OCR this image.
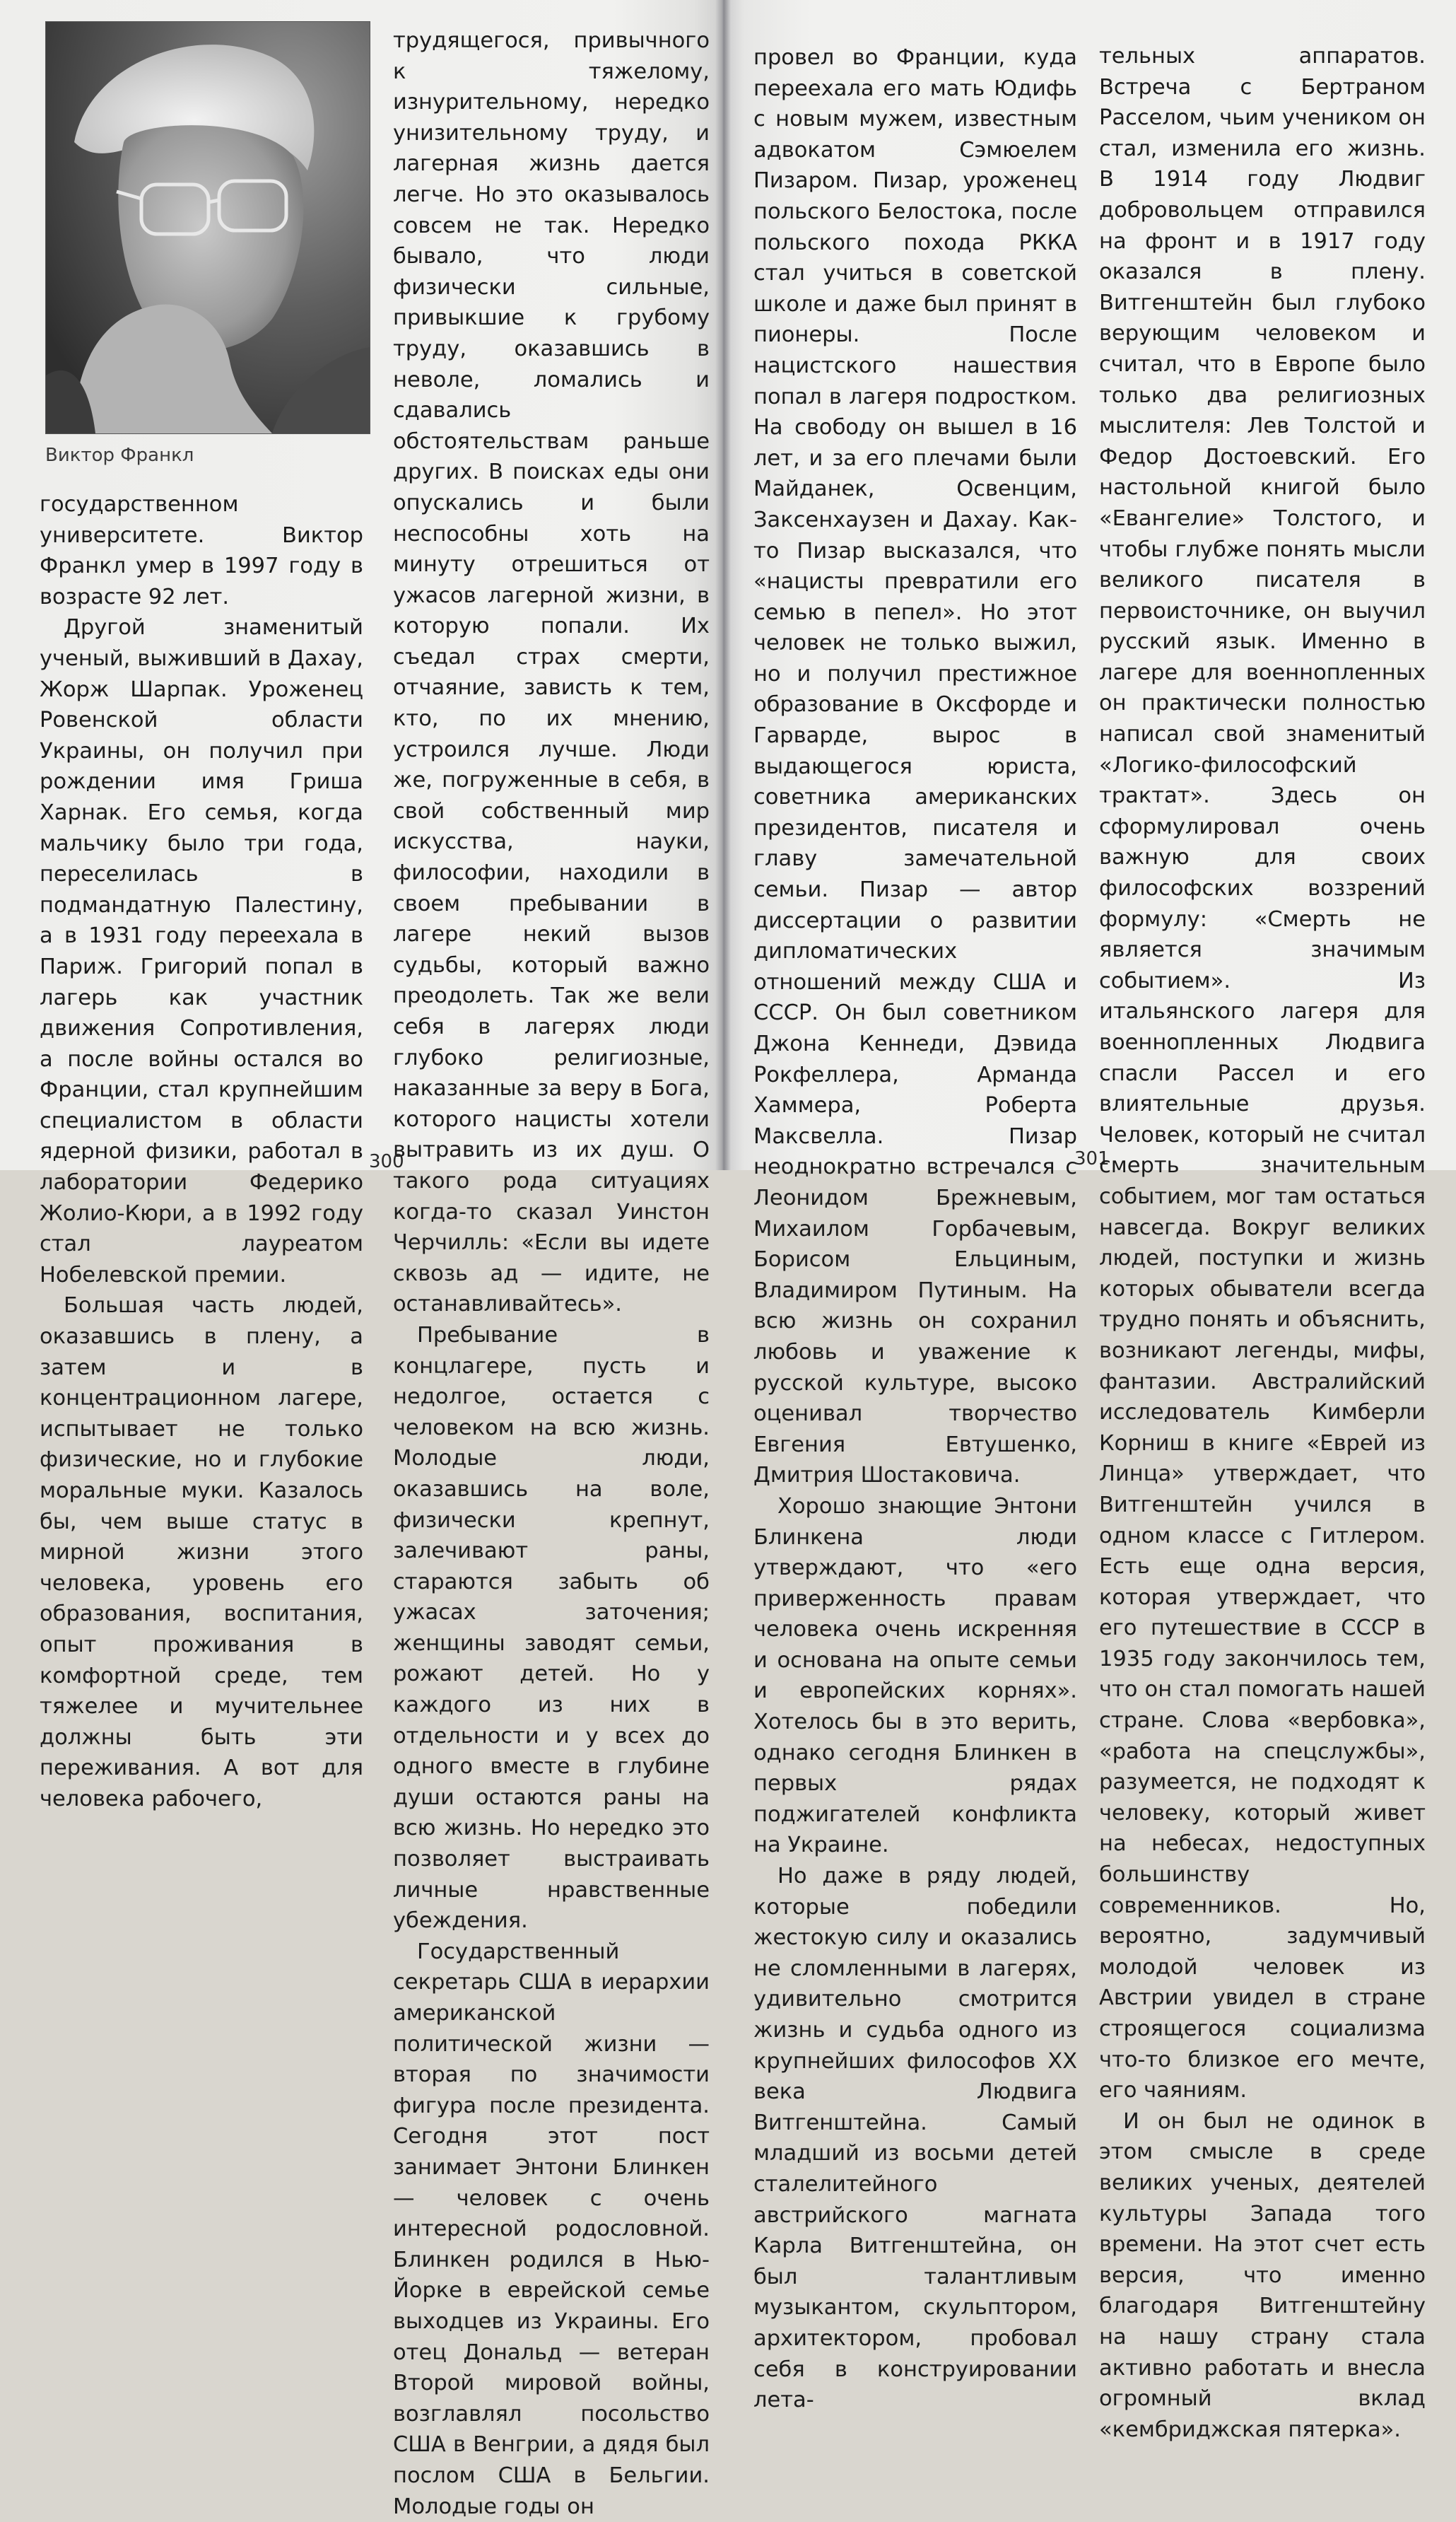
Виктор Франкл

государственном университете. Виктор Франкл умер в 1997 году в возрасте 92 лет.

Другой знаменитый ученый, выживший в Дахау, Жорж Шарпак. Уроженец Ровенской области Украины, он получил при рождении имя Гриша Харнак. Его семья, когда мальчику было три года, переселилась в подмандатную Палестину, а в 1931 году переехала в Париж. Григорий попал в лагерь как участник движения Сопротивления, а после войны остался во Франции, стал крупнейшим специалистом в области ядерной физики, работал в лаборатории Федерико Жолио-Кюри, а в 1992 году стал лауреатом Нобелевской премии.

Большая часть людей, оказавшись в плену, а затем и в концентрационном лагере, испытывает не только физические, но и глубокие моральные муки. Казалось бы, чем выше статус в мирной жизни этого человека, уровень его образования, воспитания, опыт проживания в комфортной среде, тем тяжелее и мучительнее должны быть эти переживания. А вот для человека рабочего,

трудящегося, привычного к тяжелому, изнурительному, нередко унизительному труду, и лагерная жизнь дается легче. Но это оказывалось совсем не так. Нередко бывало, что люди физически сильные, привыкшие к грубому труду, оказавшись в неволе, ломались и сдавались обстоятельствам раньше других. В поисках еды они опускались и были неспособны хоть на минуту отрешиться от ужасов лагерной жизни, в которую попали. Их съедал страх смерти, отчаяние, зависть к тем, кто, по их мнению, устроился лучше. Люди же, погруженные в себя, в свой собственный мир искусства, науки, философии, находили в своем пребывании в лагере некий вызов судьбы, который важно преодолеть. Так же вели себя в лагерях люди глубоко религиозные, наказанные за веру в Бога, которого нацисты хотели вытравить из их душ. О такого рода ситуациях когда-то сказал Уинстон Черчилль: «Если вы идете сквозь ад — идите, не останавливайтесь».

Пребывание в концлагере, пусть и недолгое, остается с человеком на всю жизнь. Молодые люди, оказавшись на воле, физически крепнут, залечивают раны, стараются забыть об ужасах заточения; женщины заводят семьи, рожают детей. Но у каждого из них в отдельности и у всех до одного вместе в глубине души остаются раны на всю жизнь. Но нередко это позволяет выстраивать личные нравственные убеждения.

Государственный секретарь США в иерархии американской политической жизни — вторая по значимости фигура после президента. Сегодня этот пост занимает Энтони Блинкен — человек с очень интересной родословной. Блинкен родился в Нью-Йорке в еврейской семье выходцев из Украины. Его отец Дональд — ветеран Второй мировой войны, возглавлял посольство США в Венгрии, а дядя был послом США в Бельгии. Молодые годы он

300	301

провел во Франции, куда переехала его мать Юдифь с новым мужем, известным адвокатом Сэмюелем Пизаром. Пизар, уроженец польского Белостока, после польского похода РККА стал учиться в советской школе и даже был принят в пионеры. После нацистского нашествия попал в лагеря подростком. На свободу он вышел в 16 лет, и за его плечами были Майданек, Освенцим, Заксенхаузен и Дахау. Как-то Пизар высказался, что «нацисты превратили его семью в пепел». Но этот человек не только выжил, но и получил престижное образование в Оксфорде и Гарварде, вырос в выдающегося юриста, советника американских президентов, писателя и главу замечательной семьи. Пизар — автор диссертации о развитии дипломатических отношений между США и СССР. Он был советником Джона Кеннеди, Дэвида Рокфеллера, Арманда Хаммера, Роберта Максвелла. Пизар неоднократно встречался с Леонидом Брежневым, Михаилом Горбачевым, Борисом Ельциным, Владимиром Путиным. На всю жизнь он сохранил любовь и уважение к русской культуре, высоко оценивал творчество Евгения Евтушенко, Дмитрия Шостаковича.

Хорошо знающие Энтони Блинкена люди утверждают, что «его приверженность правам человека очень искренняя и основана на опыте семьи и европейских корнях». Хотелось бы в это верить, однако сегодня Блинкен в первых рядах поджигателей конфликта на Украине.

Но даже в ряду людей, которые победили жестокую силу и оказались не сломленными в лагерях, удивительно смотрится жизнь и судьба одного из крупнейших философов XX века Людвига Витгенштейна. Самый младший из восьми детей сталелитейного австрийского магната Карла Витгенштейна, он был талантливым музыкантом, скульптором, архитектором, пробовал себя в конструировании лета-

тельных аппаратов. Встреча с Бертраном Расселом, чьим учеником он стал, изменила его жизнь. В 1914 году Людвиг добровольцем отправился на фронт и в 1917 году оказался в плену. Витгенштейн был глубоко верующим человеком и считал, что в Европе было только два религиозных мыслителя: Лев Толстой и Федор Достоевский. Его настольной книгой было «Евангелие» Толстого, и чтобы глубже понять мысли великого писателя в первоисточнике, он выучил русский язык. Именно в лагере для военнопленных он практически полностью написал свой знаменитый «Логико-философский трактат». Здесь он сформулировал очень важную для своих философских воззрений формулу: «Смерть не является значимым событием». Из итальянского лагеря для военнопленных Людвига спасли Рассел и его влиятельные друзья. Человек, который не считал смерть значительным событием, мог там остаться навсегда. Вокруг великих людей, поступки и жизнь которых обыватели всегда трудно понять и объяснить, возникают легенды, мифы, фантазии. Австралийский исследователь Кимберли Корниш в книге «Еврей из Линца» утверждает, что Витгенштейн учился в одном классе с Гитлером. Есть еще одна версия, которая утверждает, что его путешествие в СССР в 1935 году закончилось тем, что он стал помогать нашей стране. Слова «вербовка», «работа на спецслужбы», разумеется, не подходят к человеку, который живет на небесах, недоступных большинству современников. Но, вероятно, задумчивый молодой человек из Австрии увидел в стране строящегося социализма что-то близкое его мечте, его чаяниям.

И он был не одинок в этом смысле в среде великих ученых, деятелей культуры Запада того времени. На этот счет есть версия, что именно благодаря Витгенштейну на нашу страну стала активно работать и внесла огромный вклад «кембриджская пятерка».
